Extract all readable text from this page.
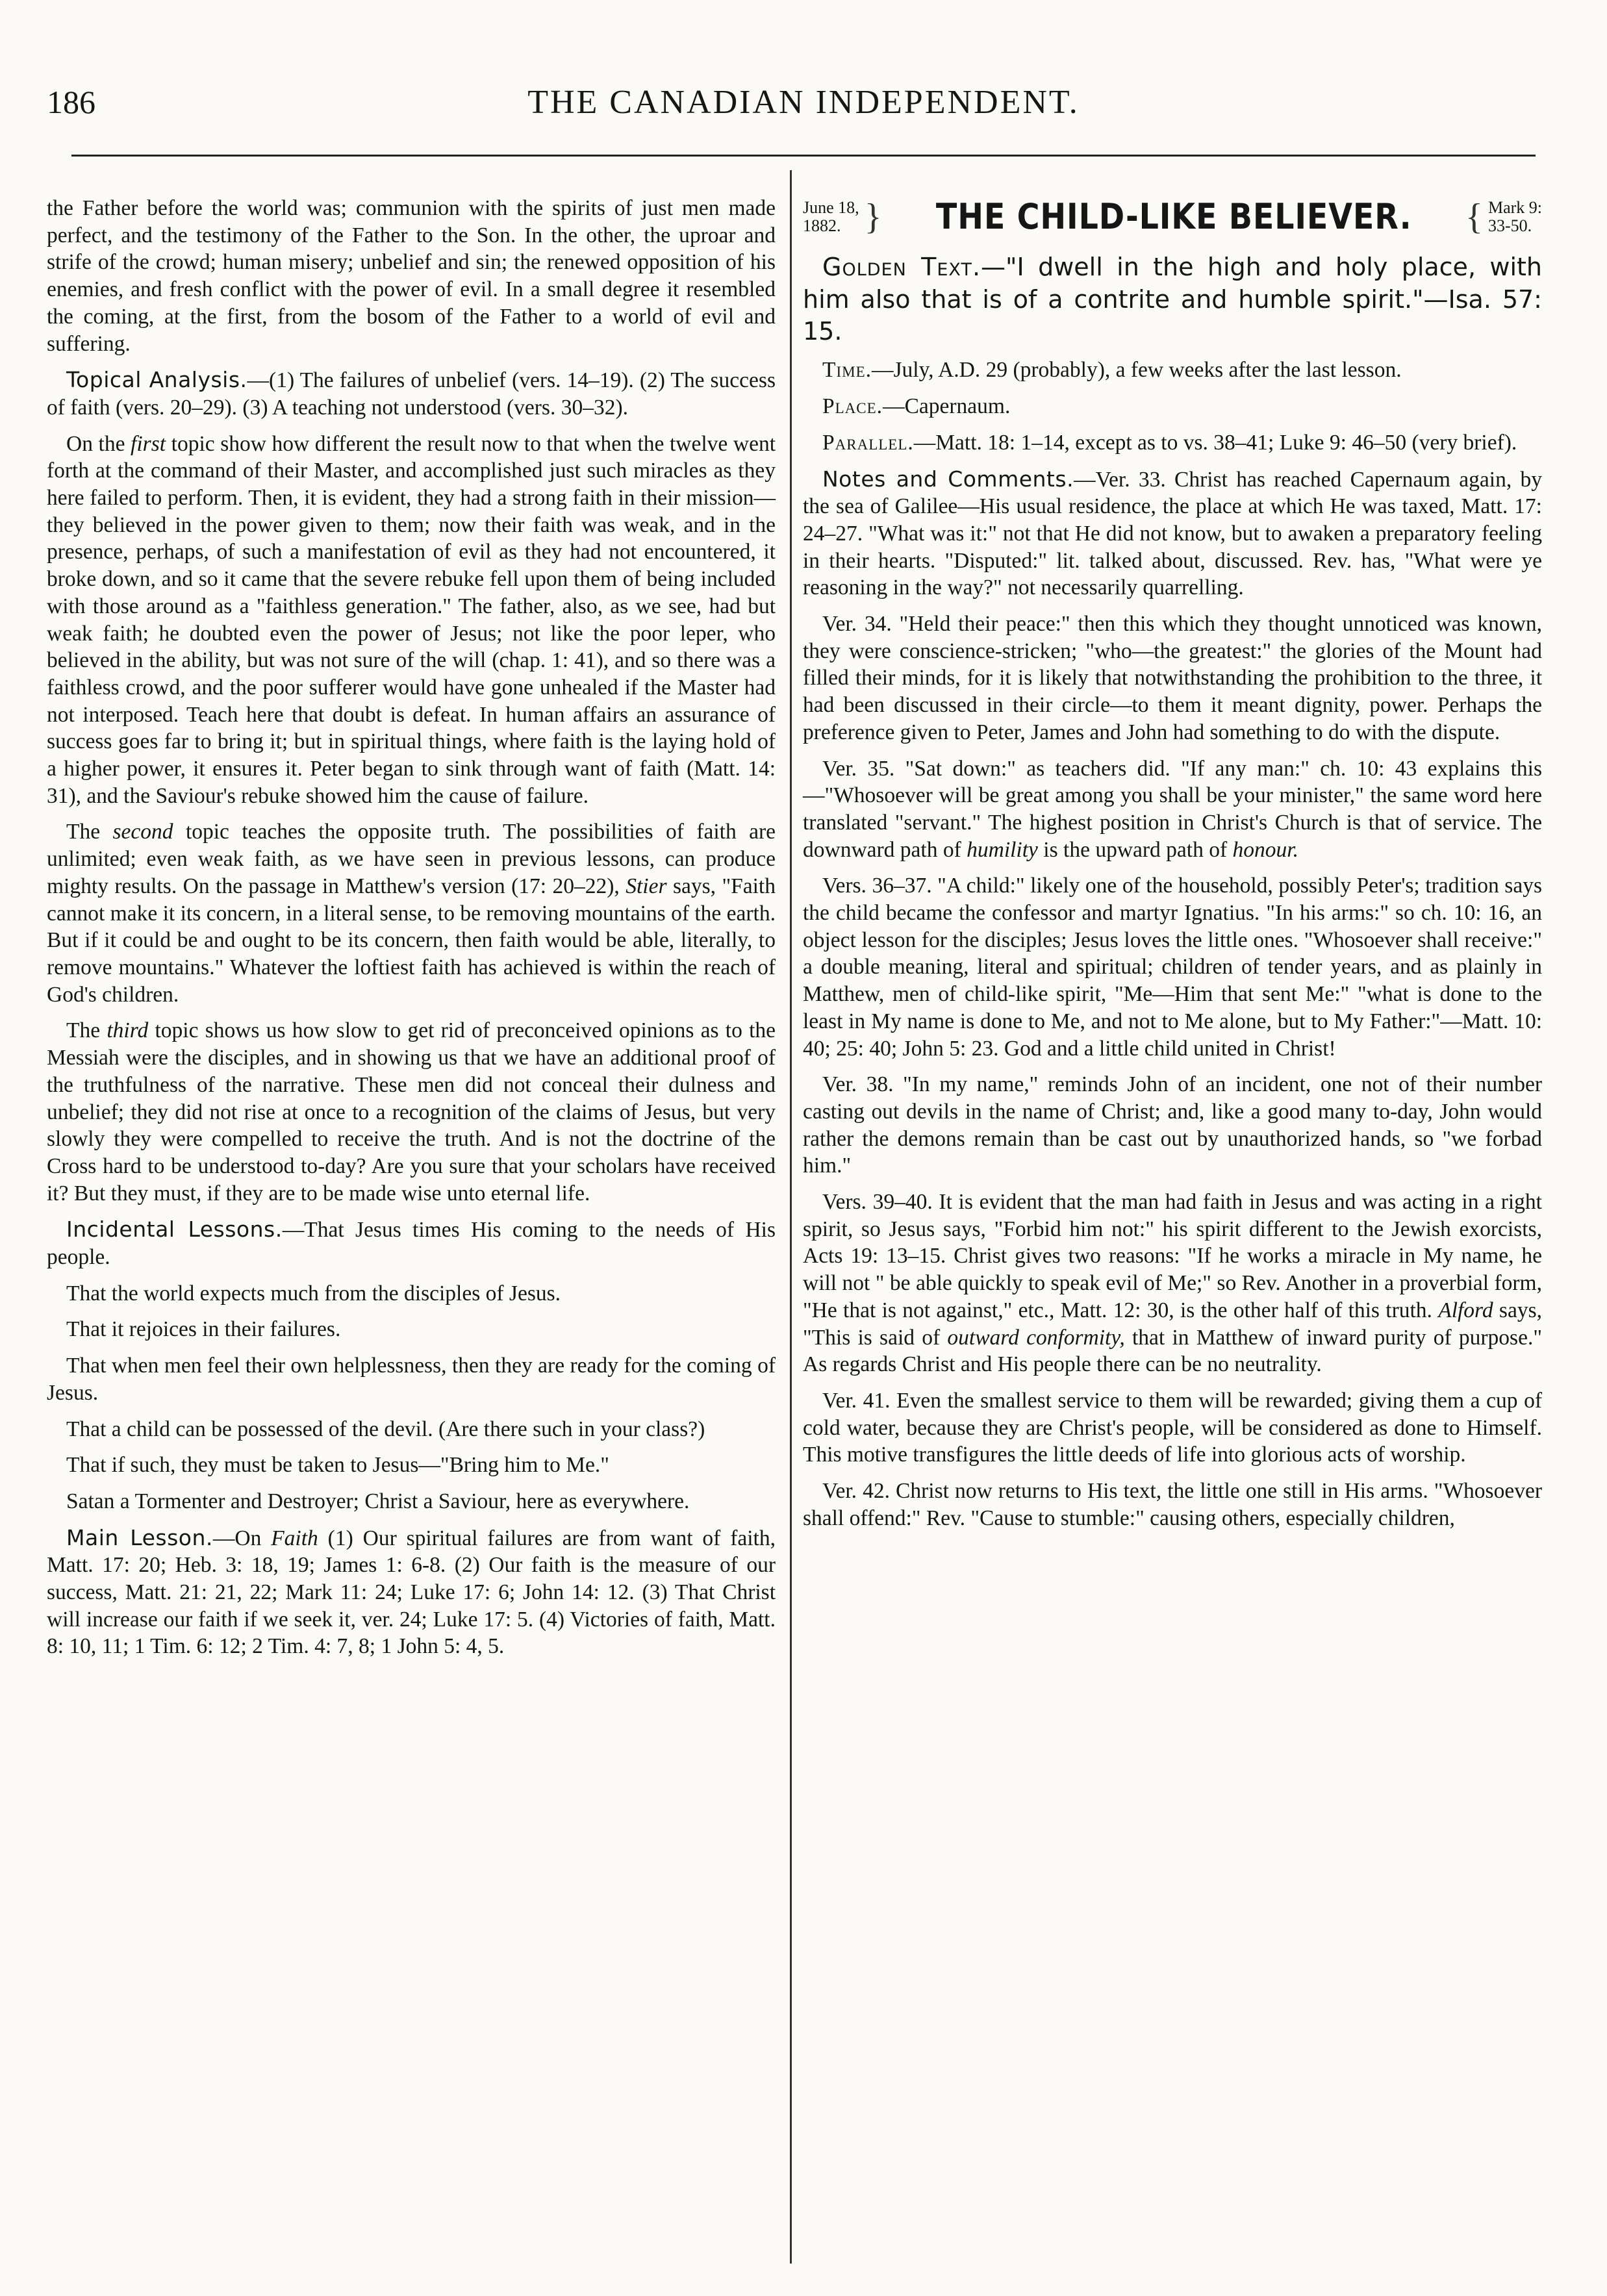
186	THE CANADIAN INDEPENDENT.

the Father before the world was; communion with the spirits of just men made perfect, and the testimony of the Father to the Son. In the other, the uproar and strife of the crowd; human misery; unbelief and sin; the renewed opposition of his enemies, and fresh conflict with the power of evil. In a small degree it resembled the coming, at the first, from the bosom of the Father to a world of evil and suffering.

Topical Analysis.—(1) The failures of unbelief (vers. 14–19). (2) The success of faith (vers. 20–29). (3) A teaching not understood (vers. 30–32).

On the first topic show how different the result now to that when the twelve went forth at the command of their Master, and accomplished just such miracles as they here failed to perform. Then, it is evident, they had a strong faith in their mission—they believed in the power given to them; now their faith was weak, and in the presence, perhaps, of such a manifestation of evil as they had not encountered, it broke down, and so it came that the severe rebuke fell upon them of being included with those around as a "faithless generation." The father, also, as we see, had but weak faith; he doubted even the power of Jesus; not like the poor leper, who believed in the ability, but was not sure of the will (chap. 1: 41), and so there was a faithless crowd, and the poor sufferer would have gone unhealed if the Master had not interposed. Teach here that doubt is defeat. In human affairs an assurance of success goes far to bring it; but in spiritual things, where faith is the laying hold of a higher power, it ensures it. Peter began to sink through want of faith (Matt. 14: 31), and the Saviour's rebuke showed him the cause of failure.

The second topic teaches the opposite truth. The possibilities of faith are unlimited; even weak faith, as we have seen in previous lessons, can produce mighty results. On the passage in Matthew's version (17: 20–22), Stier says, "Faith cannot make it its concern, in a literal sense, to be removing mountains of the earth. But if it could be and ought to be its concern, then faith would be able, literally, to remove mountains." Whatever the loftiest faith has achieved is within the reach of God's children.

The third topic shows us how slow to get rid of preconceived opinions as to the Messiah were the disciples, and in showing us that we have an additional proof of the truthfulness of the narrative. These men did not conceal their dulness and unbelief; they did not rise at once to a recognition of the claims of Jesus, but very slowly they were compelled to receive the truth. And is not the doctrine of the Cross hard to be understood to-day? Are you sure that your scholars have received it? But they must, if they are to be made wise unto eternal life.

Incidental Lessons.—That Jesus times His coming to the needs of His people.

That the world expects much from the disciples of Jesus.

That it rejoices in their failures.

That when men feel their own helplessness, then they are ready for the coming of Jesus.

That a child can be possessed of the devil. (Are there such in your class?)

That if such, they must be taken to Jesus—"Bring him to Me."

Satan a Tormenter and Destroyer; Christ a Saviour, here as everywhere.

Main Lesson.—On Faith (1) Our spiritual failures are from want of faith, Matt. 17: 20; Heb. 3: 18, 19; James 1: 6-8. (2) Our faith is the measure of our success, Matt. 21: 21, 22; Mark 11: 24; Luke 17: 6; John 14: 12. (3) That Christ will increase our faith if we seek it, ver. 24; Luke 17: 5. (4) Victories of faith, Matt. 8: 10, 11; 1 Tim. 6: 12; 2 Tim. 4: 7, 8; 1 John 5: 4, 5.

June 18,
1882. }	THE CHILD-LIKE BELIEVER.	{ Mark 9:
33-50.

Golden Text.—"I dwell in the high and holy place, with him also that is of a contrite and humble spirit."—Isa. 57: 15.

Time.—July, A.D. 29 (probably), a few weeks after the last lesson.

Place.—Capernaum.

Parallel.—Matt. 18: 1–14, except as to vs. 38–41; Luke 9: 46–50 (very brief).

Notes and Comments.—Ver. 33. Christ has reached Capernaum again, by the sea of Galilee—His usual residence, the place at which He was taxed, Matt. 17: 24–27. "What was it:" not that He did not know, but to awaken a preparatory feeling in their hearts. "Disputed:" lit. talked about, discussed. Rev. has, "What were ye reasoning in the way?" not necessarily quarrelling.

Ver. 34. "Held their peace:" then this which they thought unnoticed was known, they were conscience-stricken; "who—the greatest:" the glories of the Mount had filled their minds, for it is likely that notwithstanding the prohibition to the three, it had been discussed in their circle—to them it meant dignity, power. Perhaps the preference given to Peter, James and John had something to do with the dispute.

Ver. 35. "Sat down:" as teachers did. "If any man:" ch. 10: 43 explains this—"Whosoever will be great among you shall be your minister," the same word here translated "servant." The highest position in Christ's Church is that of service. The downward path of humility is the upward path of honour.

Vers. 36–37. "A child:" likely one of the household, possibly Peter's; tradition says the child became the confessor and martyr Ignatius. "In his arms:" so ch. 10: 16, an object lesson for the disciples; Jesus loves the little ones. "Whosoever shall receive:" a double meaning, literal and spiritual; children of tender years, and as plainly in Matthew, men of child-like spirit, "Me—Him that sent Me:" "what is done to the least in My name is done to Me, and not to Me alone, but to My Father:"—Matt. 10: 40; 25: 40; John 5: 23. God and a little child united in Christ!

Ver. 38. "In my name," reminds John of an incident, one not of their number casting out devils in the name of Christ; and, like a good many to-day, John would rather the demons remain than be cast out by unauthorized hands, so "we forbad him."

Vers. 39–40. It is evident that the man had faith in Jesus and was acting in a right spirit, so Jesus says, "Forbid him not:" his spirit different to the Jewish exorcists, Acts 19: 13–15. Christ gives two reasons: "If he works a miracle in My name, he will not " be able quickly to speak evil of Me;" so Rev. Another in a proverbial form, "He that is not against," etc., Matt. 12: 30, is the other half of this truth. Alford says, "This is said of outward conformity, that in Matthew of inward purity of purpose." As regards Christ and His people there can be no neutrality.

Ver. 41. Even the smallest service to them will be rewarded; giving them a cup of cold water, because they are Christ's people, will be considered as done to Himself. This motive transfigures the little deeds of life into glorious acts of worship.

Ver. 42. Christ now returns to His text, the little one still in His arms. "Whosoever shall offend:" Rev. "Cause to stumble:" causing others, especially children,
